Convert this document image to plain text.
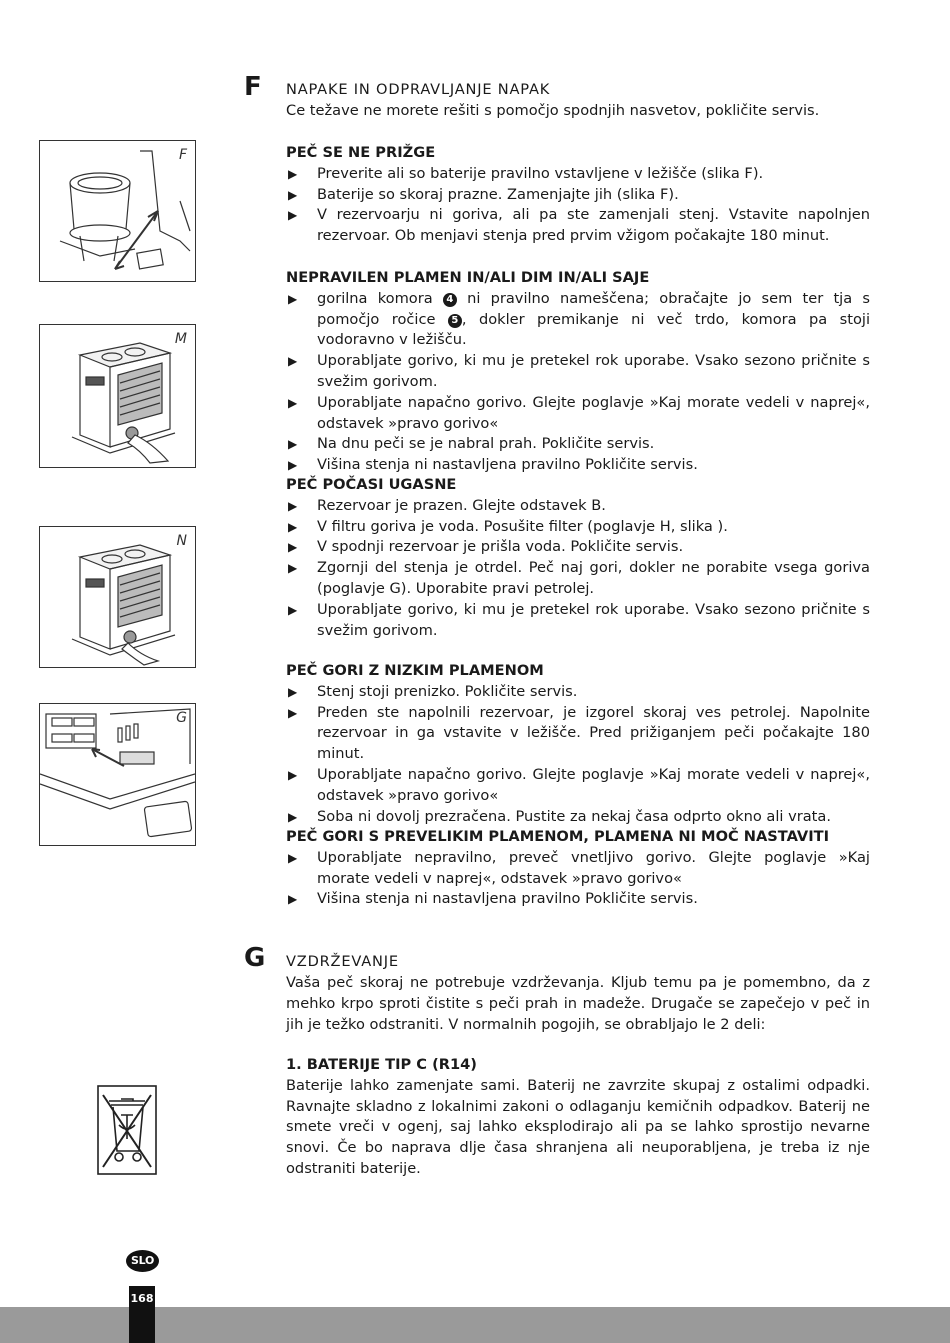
F NAPAKE IN ODPRAVLJANJE NAPAK

Ce težave ne morete rešiti s pomočjo spodnjih nasvetov, pokličite servis.

PEČ SE NE PRIŽGE

▶ Preverite ali so baterije pravilno vstavljene v ležišče (slika F).

▶ Baterije so skoraj prazne. Zamenjajte jih (slika F).

▶ V rezervoarju ni goriva, ali pa ste zamenjali stenj. Vstavite napolnjen rezervoar. Ob menjavi stenja pred prvim vžigom počakajte 180 minut.

NEPRAVILEN PLAMEN IN/ALI DIM IN/ALI SAJE

▶ gorilna komora 4 ni pravilno nameščena; obračajte jo sem ter tja s pomočjo ročice 5 , dokler premikanje ni več trdo, komora pa stoji vodoravno v ležišču.

▶ Uporabljate gorivo, ki mu je pretekel rok uporabe. Vsako sezono pričnite s svežim gorivom.

▶ Uporabljate napačno gorivo. Glejte poglavje »Kaj morate vedeli v naprej«, odstavek »pravo gorivo«

▶ Na dnu peči se je nabral prah. Pokličite servis.

▶ Višina stenja ni nastavljena pravilno Pokličite servis.

PEČ POČASI UGASNE

▶ Rezervoar je prazen. Glejte odstavek B.

▶ V filtru goriva je voda. Posušite filter (poglavje H, slika ).

▶ V spodnji rezervoar je prišla voda. Pokličite servis.

▶ Zgornji del stenja je otrdel. Peč naj gori, dokler ne porabite vsega goriva (poglavje G). Uporabite pravi petrolej.

▶ Uporabljate gorivo, ki mu je pretekel rok uporabe. Vsako sezono pričnite s svežim gorivom.

PEČ GORI Z NIZKIM PLAMENOM

▶ Stenj stoji prenizko. Pokličite servis.

▶ Preden ste napolnili rezervoar, je izgorel skoraj ves petrolej. Napolnite rezervoar in ga vstavite v ležišče. Pred prižiganjem peči počakajte 180 minut.

▶ Uporabljate napačno gorivo. Glejte poglavje »Kaj morate vedeli v naprej«, odstavek »pravo gorivo«

▶ Soba ni dovolj prezračena. Pustite za nekaj časa odprto okno ali vrata.

PEČ GORI S PREVELIKIM PLAMENOM, PLAMENA NI MOČ NASTAVITI

▶ Uporabljate nepravilno, preveč vnetljivo gorivo. Glejte poglavje »Kaj morate vedeli v naprej«, odstavek »pravo gorivo«

▶ Višina stenja ni nastavljena pravilno Pokličite servis.

G VZDRŽEVANJE

Vaša peč skoraj ne potrebuje vzdrževanja. Kljub temu pa je pomembno, da z mehko krpo sproti čistite s peči prah in madeže. Drugače se zapečejo v peč in jih je težko odstraniti. V normalnih pogojih, se obrabljajo le 2 deli:

1. BATERIJE TIP C (R14)

Baterije lahko zamenjate sami. Baterij ne zavrzite skupaj z ostalimi odpadki. Ravnajte skladno z lokalnimi zakoni o odlaganju kemičnih odpadkov. Baterij ne smete vreči v ogenj, saj lahko eksplodirajo ali pa se lahko sprostijo nevarne snovi. Če bo naprava dlje časa shranjena ali neuporabljena, je treba iz nje odstraniti baterije.

F
M
N
G
SLO
168
